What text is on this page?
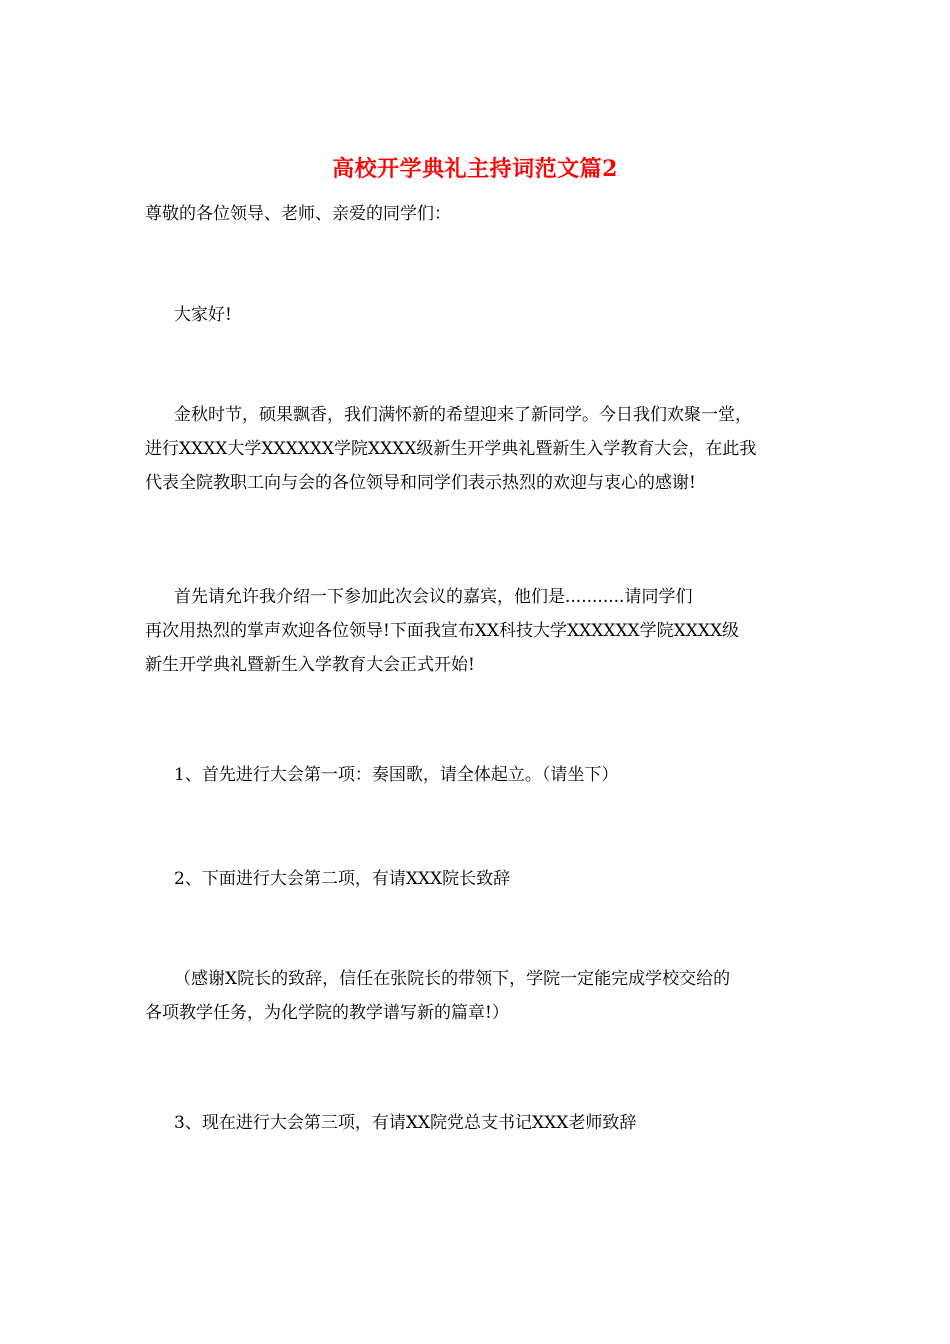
高校开学典礼主持词范文篇2

尊敬的各位领导、老师、亲爱的同学们：

大家好!

金秋时节，硕果飘香，我们满怀新的希望迎来了新同学。今日我们欢聚一堂，
进行XXXX大学XXXXXX学院XXXX级新生开学典礼暨新生入学教育大会，在此我
代表全院教职工向与会的各位领导和同学们表示热烈的欢迎与衷心的感谢!

首先请允许我介绍一下参加此次会议的嘉宾，他们是...........请同学们
再次用热烈的掌声欢迎各位领导!下面我宣布XX科技大学XXXXXX学院XXXX级
新生开学典礼暨新生入学教育大会正式开始!

1、首先进行大会第一项：奏国歌，请全体起立。（请坐下）

2、下面进行大会第二项，有请XXX院长致辞

（感谢X院长的致辞，信任在张院长的带领下，学院一定能完成学校交给的
各项教学任务，为化学院的教学谱写新的篇章!）

3、现在进行大会第三项，有请XX院党总支书记XXX老师致辞
